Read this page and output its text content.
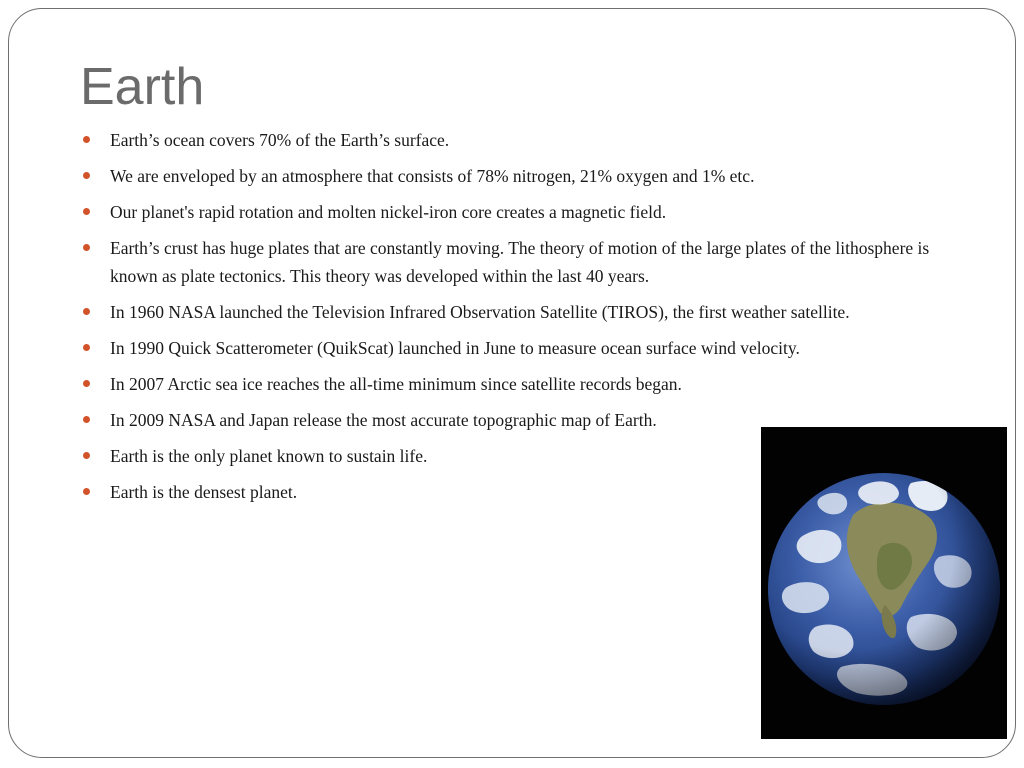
Earth
Earth’s ocean covers 70% of the Earth’s surface.
We are enveloped by an atmosphere that consists of 78% nitrogen, 21% oxygen and 1% etc.
Our planet's rapid rotation and molten nickel-iron core creates a magnetic field.
Earth’s crust has huge plates that are constantly moving. The theory of motion of the large plates of the lithosphere is known as plate tectonics. This theory was developed within the last 40 years.
In 1960 NASA launched the Television Infrared Observation Satellite (TIROS), the first weather satellite.
In 1990 Quick Scatterometer (QuikScat) launched in June to measure ocean surface wind velocity.
In 2007 Arctic sea ice reaches the all-time minimum since satellite records began.
In 2009 NASA and Japan release the most accurate topographic map of Earth.
Earth is the only planet known to sustain life.
Earth is the densest planet.
